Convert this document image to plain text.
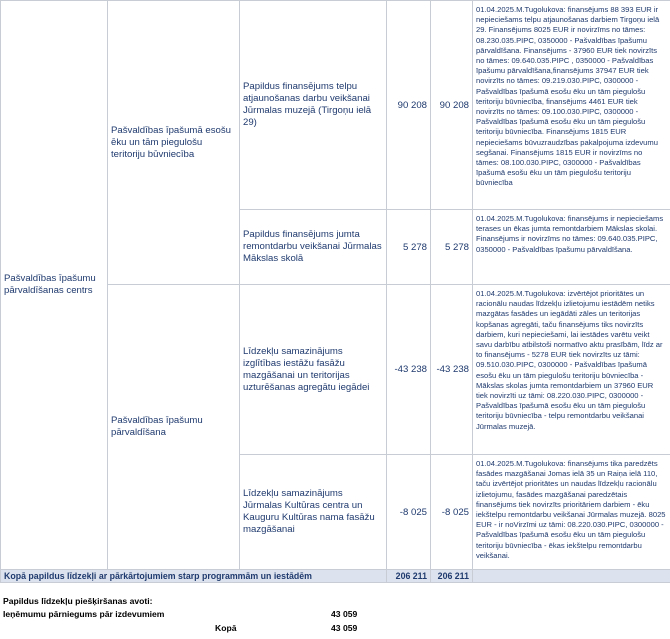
Pašvaldības īpašumu pārvaldīšanas centrs	Pašvaldības īpašumā esošu ēku un tām piegulošu teritoriju būvniecība	Papildus finansējums telpu atjaunošanas darbu veikšanai Jūrmalas muzejā (Tirgoņu ielā 29)	90 208	90 208	01.04.2025.M.Tugolukova: finansējums 88 393 EUR ir nepieciešams telpu atjaunošanas darbiem Tirgoņu ielā 29. Finansējums 8025 EUR ir novirzīms no tāmes: 08.230.035.PIPC, 0350000 - Pašvaldības īpašumu pārvaldīšana. Finansējums - 37960 EUR tiek novirzīts no tāmes: 09.640.035.PIPC , 0350000 - Pašvaldības īpašumu pārvaldīšana,finansējums 37947 EUR tiek novirzīts no tāmes: 09.219.030.PIPC, 0300000 - Pašvaldības īpašumā esošu ēku un tām piegulošu teritoriju būvniecība, finansējums 4461 EUR tiek novirzīts no tāmes: 09.100.030.PIPC, 0300000 - Pašvaldības īpašumā esošu ēku un tām piegulošu teritoriju būvniecība. Finansējums 1815 EUR nepieciešams būvuzraudzības pakalpojuma izdevumu segšanai. Finansējums 1815 EUR ir novirzīms no tāmes: 08.100.030.PIPC, 0300000 - Pašvaldības īpašumā esošu ēku un tām piegulošu teritoriju būvniecība
		Papildus finansējums jumta remontdarbu veikšanai Jūrmalas Mākslas skolā	5 278	5 278	01.04.2025.M.Tugolukova: finansējums ir nepieciešams terases un ēkas jumta remontdarbiem Mākslas skolai. Finansējums ir novirzīms no tāmes: 09.640.035.PIPC, 0350000 - Pašvaldības īpašumu pārvaldīšana.
	Pašvaldības īpašumu pārvaldīšana	Līdzekļu samazinājums izglītības iestāžu fasāžu mazgāšanai un teritorijas uzturēšanas agregātu iegādei	-43 238	-43 238	01.04.2025.M.Tugolukova: izvērtējot prioritātes un racionālu naudas līdzekļu izlietojumu iestādēm netiks mazgātas fasādes un iegādāti zāles un teritorijas kopšanas agregāti, taču finansējums tiks novirzīts darbiem, kuri nepieciešami, lai iestādes varētu veikt savu darbību atbilstoši normatīvo aktu prasībām, līdz ar to finansējums - 5278 EUR tiek novirzīts uz tāmi: 09.510.030.PIPC, 0300000 - Pašvaldības īpašumā esošu ēku un tām piegulošu teritoriju būvniecība - Mākslas skolas jumta remontdarbiem un 37960 EUR tiek novirzīti uz tāmi: 08.220.030.PIPC, 0300000 - Pašvaldības īpašumā esošu ēku un tām piegulošu teritoriju būvniecība - telpu remontdarbu veikšanai Jūrmalas muzejā.
		Līdzekļu samazinājums Jūrmalas Kultūras centra un Kauguru Kultūras nama fasāžu mazgāšanai	-8 025	-8 025	01.04.2025.M.Tugolukova: finansējums tika paredzēts fasādes mazgāšanai Jomas ielā 35 un Raiņa ielā 110, taču izvērtējot prioritātes un naudas līdzekļu racionālu izlietojumu, fasādes mazgāšanai paredzētais finansējums tiek novirzīts prioritāriem darbiem - ēku iekštelpu remontdarbu veikšanai Jūrmalas muzejā. 8025 EUR - ir noVirzīmi uz tāmi: 08.220.030.PIPC, 0300000 - Pašvaldības īpašumā esošu ēku un tām piegulošu teritoriju būvniecība - ēkas iekštelpu remontdarbu veikšanai.
Kopā papildus līdzekļi ar pārkārtojumiem starp programmām un iestādēm			206 211	206 211	
Papildus līdzekļu piešķiršanas avoti:
Ieņēmumu pārniegums pār izdevumiem	43 059
Kopā	43 059
